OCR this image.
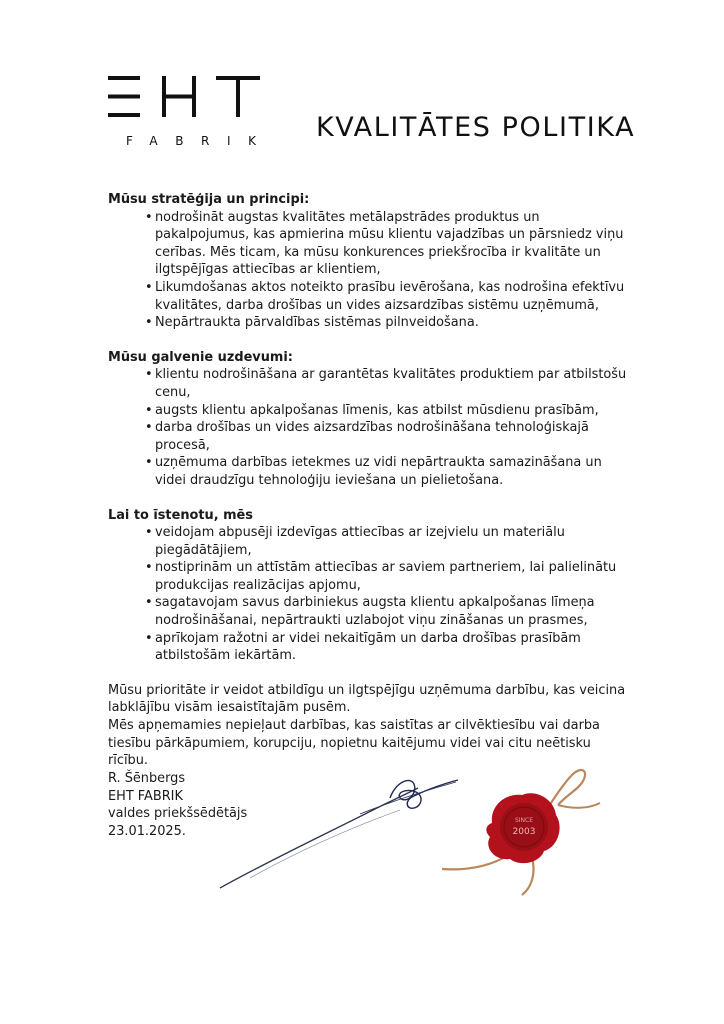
FABRIK KVALITĀTES POLITIKA

Mūsu stratēģija un principi:

• nodrošināt augstas kvalitātes metālapstrādes produktus un pakalpojumus, kas apmierina mūsu klientu vajadzības un pārsniedz viņu cerības. Mēs ticam, ka mūsu konkurences priekšrocība ir kvalitāte un ilgtspējīgas attiecības ar klientiem,
• Likumdošanas aktos noteikto prasību ievērošana, kas nodrošina efektīvu kvalitātes, darba drošības un vides aizsardzības sistēmu uzņēmumā,
• Nepārtraukta pārvaldības sistēmas pilnveidošana.

Mūsu galvenie uzdevumi:

• klientu nodrošināšana ar garantētas kvalitātes produktiem par atbilstošu cenu,
• augsts klientu apkalpošanas līmenis, kas atbilst mūsdienu prasībām,
• darba drošības un vides aizsardzības nodrošināšana tehnoloģiskajā procesā,
• uzņēmuma darbības ietekmes uz vidi nepārtraukta samazināšana un videi draudzīgu tehnoloģiju ieviešana un pielietošana.

Lai to īstenotu, mēs

• veidojam abpusēji izdevīgas attiecības ar izejvielu un materiālu piegādātājiem,
• nostiprinām un attīstām attiecības ar saviem partneriem, lai palielinātu produkcijas realizācijas apjomu,
• sagatavojam savus darbiniekus augsta klientu apkalpošanas līmeņa nodrošināšanai, nepārtraukti uzlabojot viņu zināšanas un prasmes,
• aprīkojam ražotni ar videi nekaitīgām un darba drošības prasībām atbilstošām iekārtām.

Mūsu prioritāte ir veidot atbildīgu un ilgtspējīgu uzņēmuma darbību, kas veicina labklājību visām iesaistītajām pusēm.

Mēs apņemamies nepieļaut darbības, kas saistītas ar cilvēktiesību vai darba tiesību pārkāpumiem, korupciju, nopietnu kaitējumu videi vai citu neētisku rīcību.

R. Šēnbergs
EHT FABRIK
valdes priekšsēdētājs
23.01.2025.
SINCE
2003
